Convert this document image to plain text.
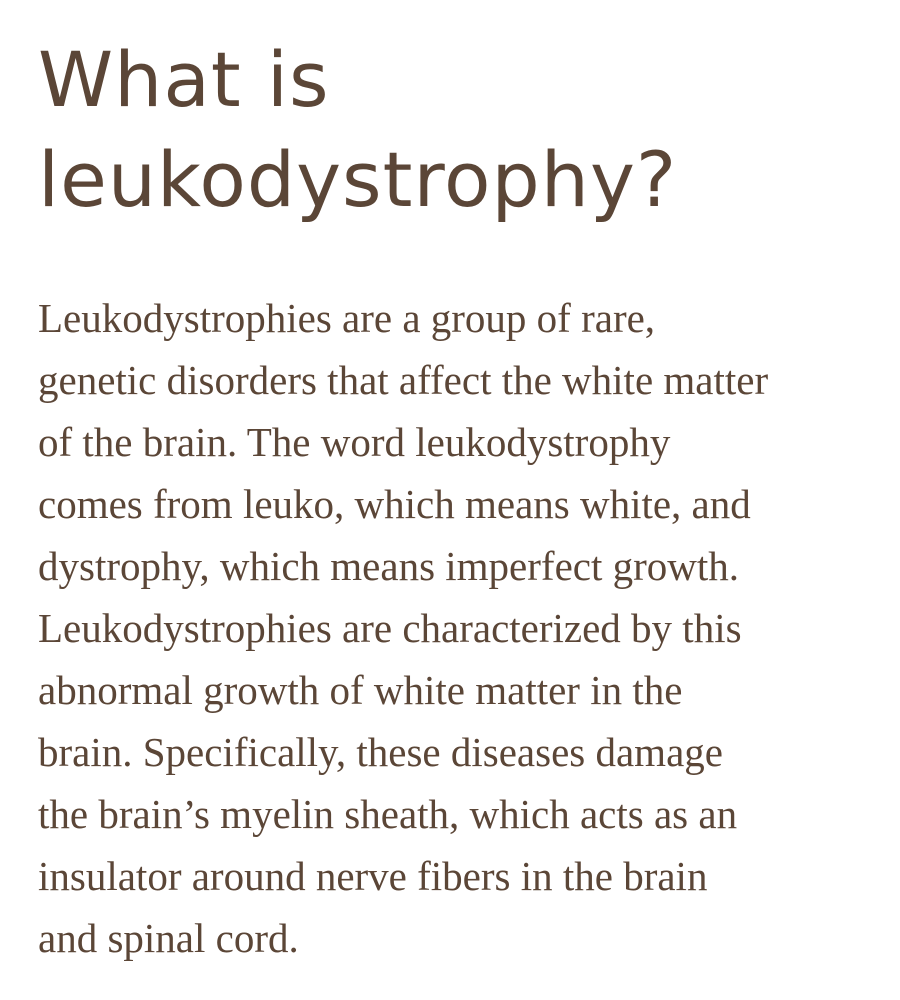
What is
leukodystrophy?

Leukodystrophies are a group of rare,
genetic disorders that affect the white matter
of the brain. The word leukodystrophy
comes from leuko, which means white, and
dystrophy, which means imperfect growth.
Leukodystrophies are characterized by this
abnormal growth of white matter in the
brain. Specifically, these diseases damage
the brain’s myelin sheath, which acts as an
insulator around nerve fibers in the brain
and spinal cord.
